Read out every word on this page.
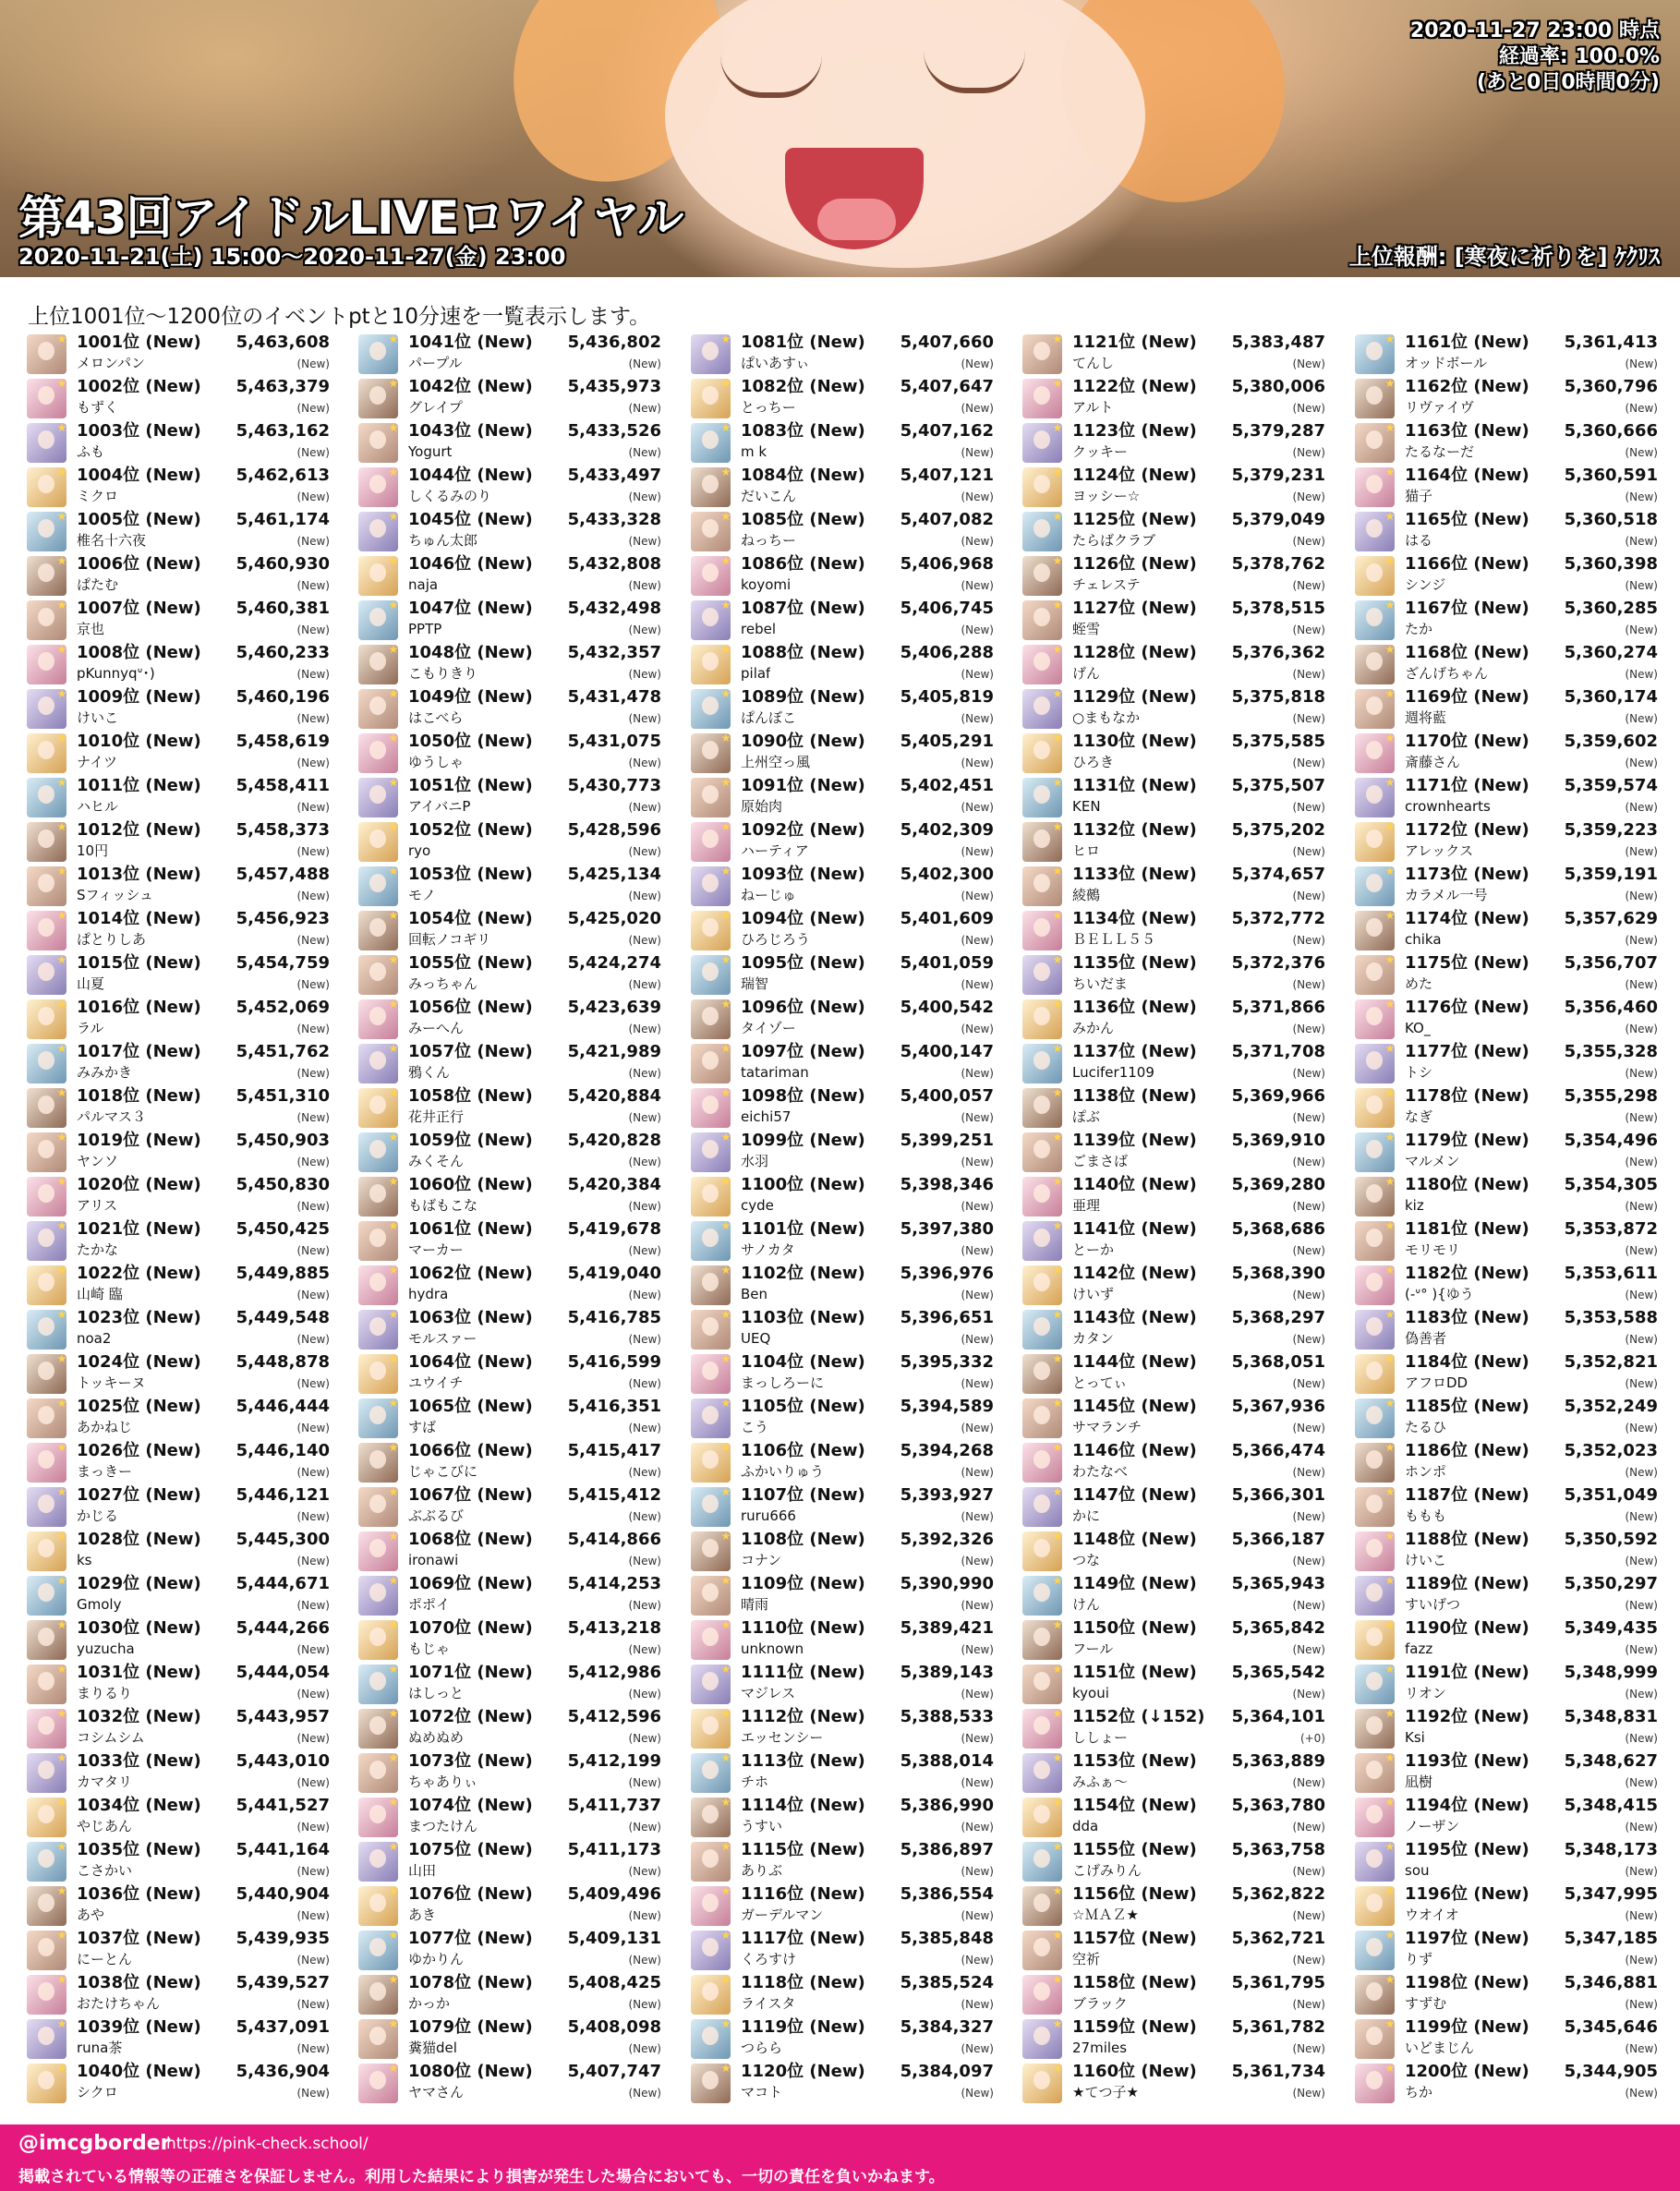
第43回アイドルLIVEロワイヤル
2020-11-21(土) 15:00～2020-11-27(金) 23:00
2020-11-27 23:00 時点
経過率: 100.0%
(あと0日0時間0分)
上位報酬: [寒夜に祈りを] ｹｸﾘｽ
上位1001位～1200位のイベントptと10分速を一覧表示します。
1001位 (New) 5,463,608
メロンパン	(New)
1002位 (New) 5,463,379
もずく	(New)
1003位 (New) 5,463,162
ふも	(New)
1004位 (New) 5,462,613
ミクロ	(New)
1005位 (New) 5,461,174
椎名十六夜	(New)
1006位 (New) 5,460,930
ぱたむ	(New)
1007位 (New) 5,460,381
京也	(New)
1008位 (New) 5,460,233
pKunnyqᐡ･)	(New)
1009位 (New) 5,460,196
けいこ	(New)
1010位 (New) 5,458,619
ナイツ	(New)
1011位 (New) 5,458,411
ハヒル	(New)
1012位 (New) 5,458,373
10円	(New)
1013位 (New) 5,457,488
Sフィッシュ	(New)
1014位 (New) 5,456,923
ぱとりしあ	(New)
1015位 (New) 5,454,759
山夏	(New)
1016位 (New) 5,452,069
ラル	(New)
1017位 (New) 5,451,762
みみかき	(New)
1018位 (New) 5,451,310
パルマス３	(New)
1019位 (New) 5,450,903
ヤンソ	(New)
1020位 (New) 5,450,830
アリス	(New)
1021位 (New) 5,450,425
たかな	(New)
1022位 (New) 5,449,885
山崎 臨	(New)
1023位 (New) 5,449,548
noa2	(New)
1024位 (New) 5,448,878
トッキーヌ	(New)
1025位 (New) 5,446,444
あかねじ	(New)
1026位 (New) 5,446,140
まっきー	(New)
1027位 (New) 5,446,121
かじる	(New)
1028位 (New) 5,445,300
ks	(New)
1029位 (New) 5,444,671
Gmoly	(New)
1030位 (New) 5,444,266
yuzucha	(New)
1031位 (New) 5,444,054
まりるり	(New)
1032位 (New) 5,443,957
コシムシム	(New)
1033位 (New) 5,443,010
カマタリ	(New)
1034位 (New) 5,441,527
やじあん	(New)
1035位 (New) 5,441,164
こさかい	(New)
1036位 (New) 5,440,904
あや	(New)
1037位 (New) 5,439,935
にーとん	(New)
1038位 (New) 5,439,527
おたけちゃん	(New)
1039位 (New) 5,437,091
runa茶	(New)
1040位 (New) 5,436,904
シクロ	(New)
1041位 (New) 5,436,802
パープル	(New)
1042位 (New) 5,435,973
グレイプ	(New)
1043位 (New) 5,433,526
Yogurt	(New)
1044位 (New) 5,433,497
しくるみのり	(New)
1045位 (New) 5,433,328
ちゅん太郎	(New)
1046位 (New) 5,432,808
naja	(New)
1047位 (New) 5,432,498
PPTP	(New)
1048位 (New) 5,432,357
こもりきり	(New)
1049位 (New) 5,431,478
はこべら	(New)
1050位 (New) 5,431,075
ゆうしゃ	(New)
1051位 (New) 5,430,773
アイバニP	(New)
1052位 (New) 5,428,596
ryo	(New)
1053位 (New) 5,425,134
モノ	(New)
1054位 (New) 5,425,020
回転ノコギリ	(New)
1055位 (New) 5,424,274
みっちゃん	(New)
1056位 (New) 5,423,639
みーへん	(New)
1057位 (New) 5,421,989
鴉くん	(New)
1058位 (New) 5,420,884
花井正行	(New)
1059位 (New) 5,420,828
みくそん	(New)
1060位 (New) 5,420,384
もばもこな	(New)
1061位 (New) 5,419,678
マーカー	(New)
1062位 (New) 5,419,040
hydra	(New)
1063位 (New) 5,416,785
モルスァー	(New)
1064位 (New) 5,416,599
ユウイチ	(New)
1065位 (New) 5,416,351
すば	(New)
1066位 (New) 5,415,417
じゃこびに	(New)
1067位 (New) 5,415,412
ぶぶるび	(New)
1068位 (New) 5,414,866
ironawi	(New)
1069位 (New) 5,414,253
ポポイ	(New)
1070位 (New) 5,413,218
もじゃ	(New)
1071位 (New) 5,412,986
はしっと	(New)
1072位 (New) 5,412,596
ぬめぬめ	(New)
1073位 (New) 5,412,199
ちゃありぃ	(New)
1074位 (New) 5,411,737
まつたけん	(New)
1075位 (New) 5,411,173
山田	(New)
1076位 (New) 5,409,496
あき	(New)
1077位 (New) 5,409,131
ゆかりん	(New)
1078位 (New) 5,408,425
かっか	(New)
1079位 (New) 5,408,098
糞猫del	(New)
1080位 (New) 5,407,747
ヤマさん	(New)
1081位 (New) 5,407,660
ぱいあすぃ	(New)
1082位 (New) 5,407,647
とっちー	(New)
1083位 (New) 5,407,162
m k	(New)
1084位 (New) 5,407,121
だいこん	(New)
1085位 (New) 5,407,082
ねっちー	(New)
1086位 (New) 5,406,968
koyomi	(New)
1087位 (New) 5,406,745
rebel	(New)
1088位 (New) 5,406,288
pilaf	(New)
1089位 (New) 5,405,819
ぱんぼこ	(New)
1090位 (New) 5,405,291
上州空っ風	(New)
1091位 (New) 5,402,451
原始肉	(New)
1092位 (New) 5,402,309
ハーティア	(New)
1093位 (New) 5,402,300
ねーじゅ	(New)
1094位 (New) 5,401,609
ひろじろう	(New)
1095位 (New) 5,401,059
瑞智	(New)
1096位 (New) 5,400,542
タイゾー	(New)
1097位 (New) 5,400,147
tatariman	(New)
1098位 (New) 5,400,057
eichi57	(New)
1099位 (New) 5,399,251
水羽	(New)
1100位 (New) 5,398,346
cyde	(New)
1101位 (New) 5,397,380
サノカタ	(New)
1102位 (New) 5,396,976
Ben	(New)
1103位 (New) 5,396,651
UEQ	(New)
1104位 (New) 5,395,332
まっしろーに	(New)
1105位 (New) 5,394,589
こう	(New)
1106位 (New) 5,394,268
ふかいりゅう	(New)
1107位 (New) 5,393,927
ruru666	(New)
1108位 (New) 5,392,326
コナン	(New)
1109位 (New) 5,390,990
晴雨	(New)
1110位 (New) 5,389,421
unknown	(New)
1111位 (New) 5,389,143
マジレス	(New)
1112位 (New) 5,388,533
エッセンシー	(New)
1113位 (New) 5,388,014
チホ	(New)
1114位 (New) 5,386,990
うすい	(New)
1115位 (New) 5,386,897
ありぶ	(New)
1116位 (New) 5,386,554
ガーデルマン	(New)
1117位 (New) 5,385,848
くろすけ	(New)
1118位 (New) 5,385,524
ライスタ	(New)
1119位 (New) 5,384,327
つらら	(New)
1120位 (New) 5,384,097
マコト	(New)
1121位 (New) 5,383,487
てんし	(New)
1122位 (New) 5,380,006
アルト	(New)
1123位 (New) 5,379,287
クッキー	(New)
1124位 (New) 5,379,231
ヨッシー☆	(New)
1125位 (New) 5,379,049
たらばクラブ	(New)
1126位 (New) 5,378,762
チェレステ	(New)
1127位 (New) 5,378,515
蛭雪	(New)
1128位 (New) 5,376,362
げん	(New)
1129位 (New) 5,375,818
○まもなか	(New)
1130位 (New) 5,375,585
ひろき	(New)
1131位 (New) 5,375,507
KEN	(New)
1132位 (New) 5,375,202
ヒロ	(New)
1133位 (New) 5,374,657
綾鵺	(New)
1134位 (New) 5,372,772
ＢＥＬＬ５５	(New)
1135位 (New) 5,372,376
ちいだま	(New)
1136位 (New) 5,371,866
みかん	(New)
1137位 (New) 5,371,708
Lucifer1109	(New)
1138位 (New) 5,369,966
ぽぶ	(New)
1139位 (New) 5,369,910
ごまさば	(New)
1140位 (New) 5,369,280
亜理	(New)
1141位 (New) 5,368,686
とーか	(New)
1142位 (New) 5,368,390
けいず	(New)
1143位 (New) 5,368,297
カタン	(New)
1144位 (New) 5,368,051
とってぃ	(New)
1145位 (New) 5,367,936
サマランチ	(New)
1146位 (New) 5,366,474
わたなべ	(New)
1147位 (New) 5,366,301
かに	(New)
1148位 (New) 5,366,187
つな	(New)
1149位 (New) 5,365,943
けん	(New)
1150位 (New) 5,365,842
フール	(New)
1151位 (New) 5,365,542
kyoui	(New)
1152位 (↓152) 5,364,101
ししょー	(+0)
1153位 (New) 5,363,889
みふぁ～	(New)
1154位 (New) 5,363,780
dda	(New)
1155位 (New) 5,363,758
こげみりん	(New)
1156位 (New) 5,362,822
☆ＭＡＺ★	(New)
1157位 (New) 5,362,721
空祈	(New)
1158位 (New) 5,361,795
ブラック	(New)
1159位 (New) 5,361,782
27miles	(New)
1160位 (New) 5,361,734
★てつ子★	(New)
1161位 (New) 5,361,413
オッドボール	(New)
1162位 (New) 5,360,796
リヴァイヴ	(New)
1163位 (New) 5,360,666
たるなーだ	(New)
1164位 (New) 5,360,591
猫子	(New)
1165位 (New) 5,360,518
はる	(New)
1166位 (New) 5,360,398
シンジ	(New)
1167位 (New) 5,360,285
たか	(New)
1168位 (New) 5,360,274
ざんげちゃん	(New)
1169位 (New) 5,360,174
週将藍	(New)
1170位 (New) 5,359,602
斎藤さん	(New)
1171位 (New) 5,359,574
crownhearts	(New)
1172位 (New) 5,359,223
アレックス	(New)
1173位 (New) 5,359,191
カラメル一号	(New)
1174位 (New) 5,357,629
chika	(New)
1175位 (New) 5,356,707
めた	(New)
1176位 (New) 5,356,460
KO_	(New)
1177位 (New) 5,355,328
トシ	(New)
1178位 (New) 5,355,298
なぎ	(New)
1179位 (New) 5,354,496
マルメン	(New)
1180位 (New) 5,354,305
kiz	(New)
1181位 (New) 5,353,872
モリモリ	(New)
1182位 (New) 5,353,611
(-ᐡ° ){ゆう	(New)
1183位 (New) 5,353,588
偽善者	(New)
1184位 (New) 5,352,821
アフロDD	(New)
1185位 (New) 5,352,249
たるひ	(New)
1186位 (New) 5,352,023
ホンポ	(New)
1187位 (New) 5,351,049
ももも	(New)
1188位 (New) 5,350,592
けいこ	(New)
1189位 (New) 5,350,297
すいげつ	(New)
1190位 (New) 5,349,435
fazz	(New)
1191位 (New) 5,348,999
リオン	(New)
1192位 (New) 5,348,831
Ksi	(New)
1193位 (New) 5,348,627
凪樹	(New)
1194位 (New) 5,348,415
ノーザン	(New)
1195位 (New) 5,348,173
sou	(New)
1196位 (New) 5,347,995
ウオイオ	(New)
1197位 (New) 5,347,185
りず	(New)
1198位 (New) 5,346,881
すずむ	(New)
1199位 (New) 5,345,646
いどまじん	(New)
1200位 (New) 5,344,905
ちか	(New)
@imcgborder
https://pink-check.school/
掲載されている情報等の正確さを保証しません。利用した結果により損害が発生した場合においても、一切の責任を負いかねます。
